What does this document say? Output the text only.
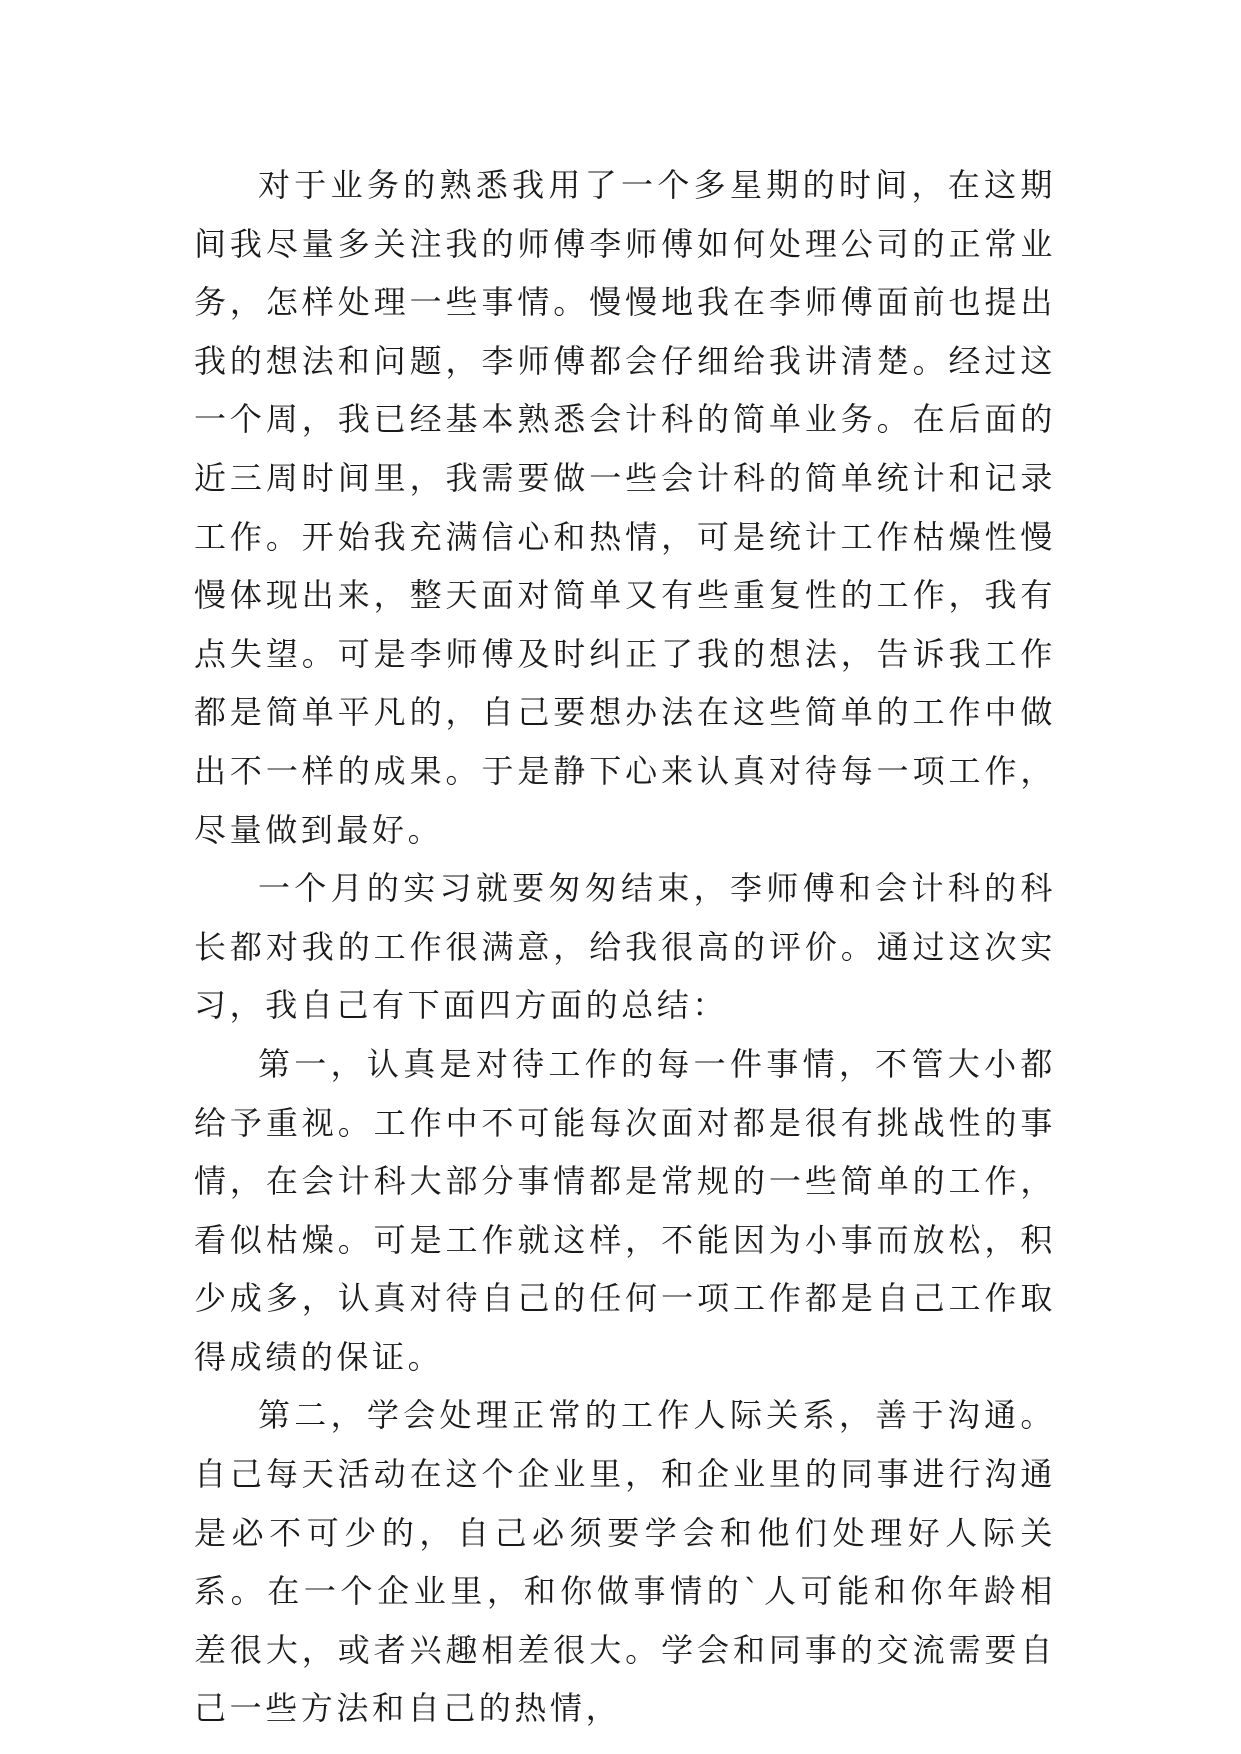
对于业务的熟悉我用了一个多星期的时间，在这期间我尽量多关注我的师傅李师傅如何处理公司的正常业务，怎样处理一些事情。慢慢地我在李师傅面前也提出我的想法和问题，李师傅都会仔细给我讲清楚。经过这一个周，我已经基本熟悉会计科的简单业务。在后面的近三周时间里，我需要做一些会计科的简单统计和记录工作。开始我充满信心和热情，可是统计工作枯燥性慢慢体现出来，整天面对简单又有些重复性的工作，我有点失望。可是李师傅及时纠正了我的想法，告诉我工作都是简单平凡的，自己要想办法在这些简单的工作中做出不一样的成果。于是静下心来认真对待每一项工作，尽量做到最好。

一个月的实习就要匆匆结束，李师傅和会计科的科长都对我的工作很满意，给我很高的评价。通过这次实习，我自己有下面四方面的总结：

第一，认真是对待工作的每一件事情，不管大小都给予重视。工作中不可能每次面对都是很有挑战性的事情，在会计科大部分事情都是常规的一些简单的工作，看似枯燥。可是工作就这样，不能因为小事而放松，积少成多，认真对待自己的任何一项工作都是自己工作取得成绩的保证。

第二，学会处理正常的工作人际关系，善于沟通。自己每天活动在这个企业里，和企业里的同事进行沟通是必不可少的，自己必须要学会和他们处理好人际关系。在一个企业里，和你做事情的`人可能和你年龄相差很大，或者兴趣相差很大。学会和同事的交流需要自己一些方法和自己的热情，
